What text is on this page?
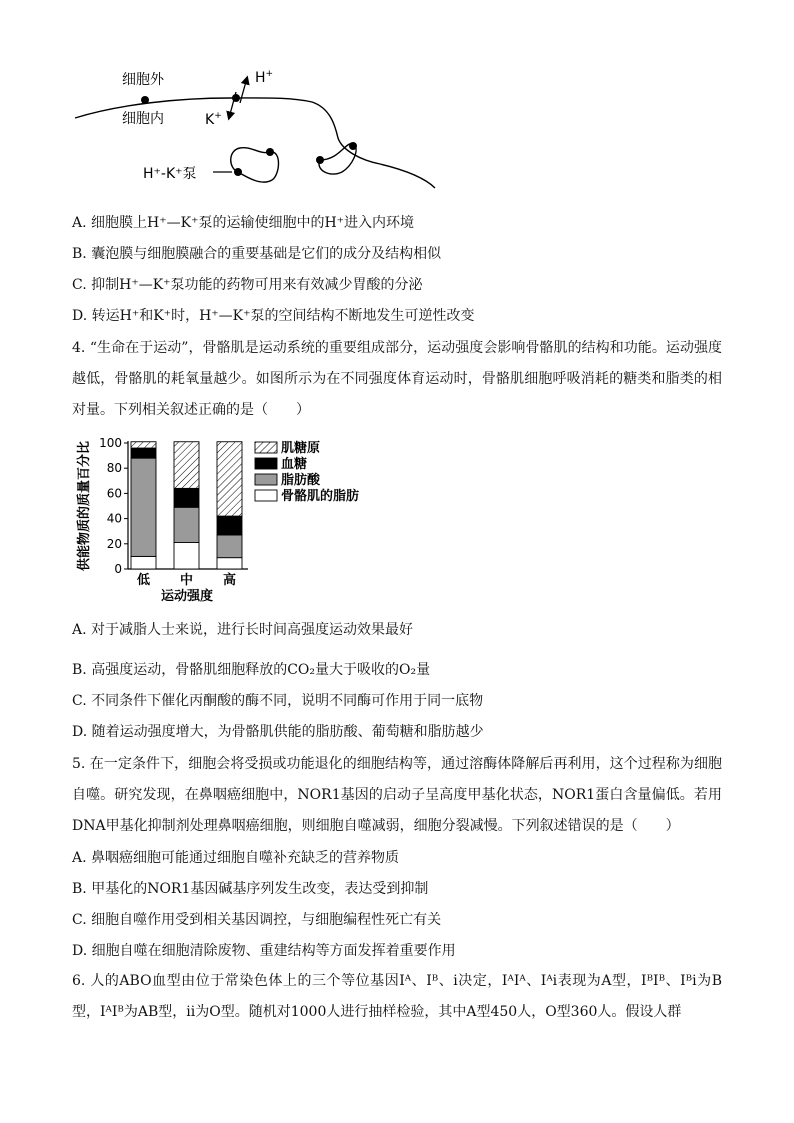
细胞外
细胞内
H+
K+
H⁺-K⁺泵
A. 细胞膜上H⁺—K⁺泵的运输使细胞中的H⁺进入内环境
B. 囊泡膜与细胞膜融合的重要基础是它们的成分及结构相似
C. 抑制H⁺—K⁺泵功能的药物可用来有效减少胃酸的分泌
D. 转运H⁺和K⁺时，H⁺—K⁺泵的空间结构不断地发生可逆性改变
4. “生命在于运动”，骨骼肌是运动系统的重要组成部分，运动强度会影响骨骼肌的结构和功能。运动强度越低，骨骼肌的耗氧量越少。如图所示为在不同强度体育运动时，骨骼肌细胞呼吸消耗的糖类和脂类的相对量。下列相关叙述正确的是（　　）
供能物质的质量百分比 0
20
40
60
80
100
低 中 高
运动强度
肌糖原
血糖
脂肪酸
骨骼肌的脂肪
A. 对于减脂人士来说，进行长时间高强度运动效果最好
B. 高强度运动，骨骼肌细胞释放的CO₂量大于吸收的O₂量
C. 不同条件下催化丙酮酸的酶不同，说明不同酶可作用于同一底物
D. 随着运动强度增大，为骨骼肌供能的脂肪酸、葡萄糖和脂肪越少
5. 在一定条件下，细胞会将受损或功能退化的细胞结构等，通过溶酶体降解后再利用，这个过程称为细胞自噬。研究发现，在鼻咽癌细胞中，NOR1基因的启动子呈高度甲基化状态，NOR1蛋白含量偏低。若用DNA甲基化抑制剂处理鼻咽癌细胞，则细胞自噬减弱，细胞分裂减慢。下列叙述错误的是（　　）
A. 鼻咽癌细胞可能通过细胞自噬补充缺乏的营养物质
B. 甲基化的NOR1基因碱基序列发生改变，表达受到抑制
C. 细胞自噬作用受到相关基因调控，与细胞编程性死亡有关
D. 细胞自噬在细胞清除废物、重建结构等方面发挥着重要作用
6. 人的ABO血型由位于常染色体上的三个等位基因Iᴬ、Iᴮ、i决定，IᴬIᴬ、Iᴬi表现为A型，IᴮIᴮ、Iᴮi为B型，IᴬIᴮ为AB型，ii为O型。随机对1000人进行抽样检验，其中A型450人，O型360人。假设人群
